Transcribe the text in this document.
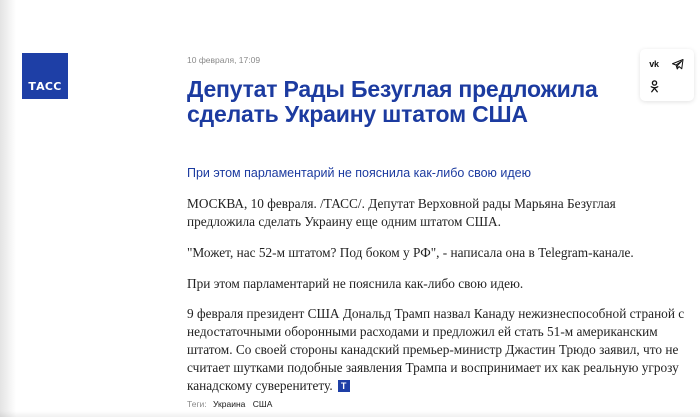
ТАСС
10 февраля, 17:09
Депутат Рады Безуглая предложила сделать Украину штатом США

При этом парламентарий не пояснила как-либо свою идею

МОСКВА, 10 февраля. /ТАСС/. Депутат Верховной рады Марьяна Безуглая предложила сделать Украину еще одним штатом США.

"Может, нас 52-м штатом? Под боком у РФ", - написала она в Telegram-канале.

При этом парламентарий не пояснила как-либо свою идею.

9 февраля президент США Дональд Трамп назвал Канаду нежизнеспособной страной с недостаточными оборонными расходами и предложил ей стать 51-м американским штатом. Со своей стороны канадский премьер-министр Джастин Трюдо заявил, что не считает шутками подобные заявления Трампа и воспринимает их как реальную угрозу канадскому суверенитету. T

Теги: Украина США
vk
